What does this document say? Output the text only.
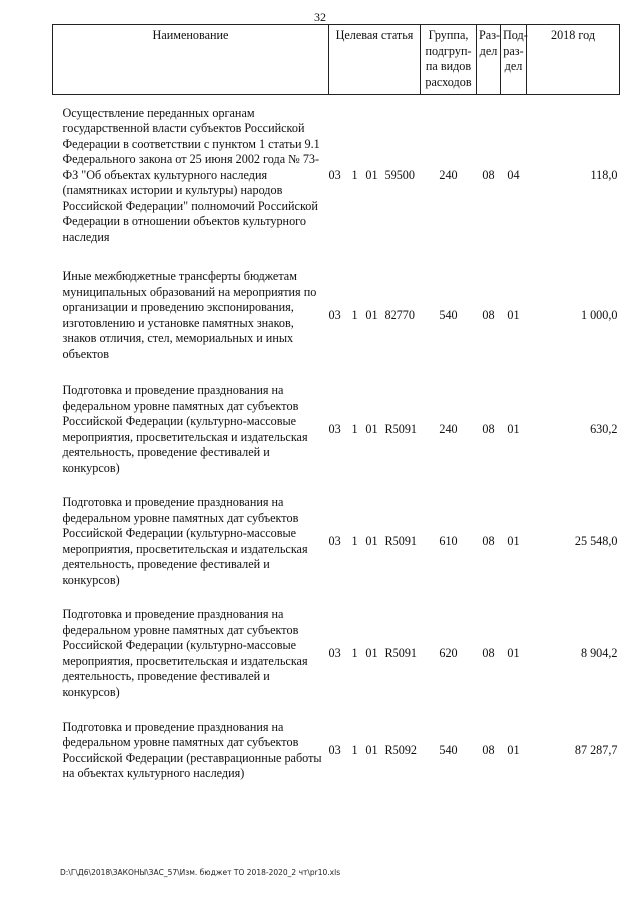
32
Наименование	Целевая статья	Группа, подгруп-па видов расходов	Раз-дел	Под-раз-дел	2018 год

Осуществление переданных органам государственной власти субъектов Российской Федерации в соответствии с пунктом 1 статьи 9.1 Федерального закона от 25 июня 2002 года № 73-ФЗ "Об объектах культурного наследия (памятниках истории и культуры) народов Российской Федерации" полномочий Российской Федерации в отношении объектов культурного наследия	03 1 01 59500	240	08	04	118,0

Иные межбюджетные трансферты бюджетам муниципальных образований на мероприятия по организации и проведению экспонирования, изготовлению и установке памятных знаков, знаков отличия, стел, мемориальных и иных объектов	03 1 01 82770	540	08	01	1 000,0

Подготовка и проведение празднования на федеральном уровне памятных дат субъектов Российской Федерации (культурно-массовые мероприятия, просветительская и издательская деятельность, проведение фестивалей и конкурсов)	03 1 01 R5091	240	08	01	630,2

Подготовка и проведение празднования на федеральном уровне памятных дат субъектов Российской Федерации (культурно-массовые мероприятия, просветительская и издательская деятельность, проведение фестивалей и конкурсов)	03 1 01 R5091	610	08	01	25 548,0

Подготовка и проведение празднования на федеральном уровне памятных дат субъектов Российской Федерации (культурно-массовые мероприятия, просветительская и издательская деятельность, проведение фестивалей и конкурсов)	03 1 01 R5091	620	08	01	8 904,2

Подготовка и проведение празднования на федеральном уровне памятных дат субъектов Российской Федерации (реставрационные работы на объектах культурного наследия)	03 1 01 R5092	540	08	01	87 287,7
D:\Г\Д6\2018\ЗАКОНЫ\ЗАС_57\Изм. бюджет ТО 2018-2020_2 чт\pr10.xls
